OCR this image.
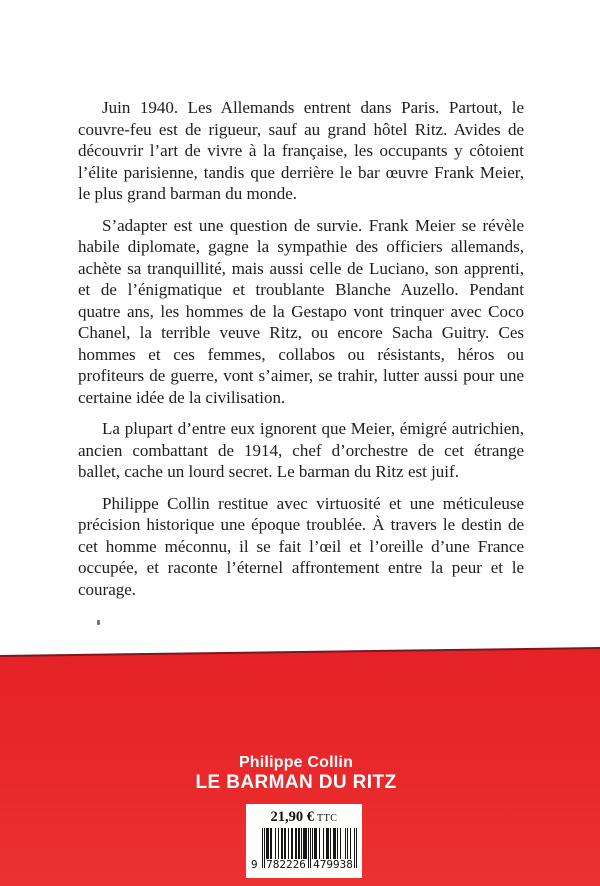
Juin 1940. Les Allemands entrent dans Paris. Partout, le couvre-feu est de rigueur, sauf au grand hôtel Ritz. Avides de découvrir l’art de vivre à la française, les occupants y côtoient l’élite parisienne, tandis que derrière le bar œuvre Frank Meier, le plus grand barman du monde.

S’adapter est une question de survie. Frank Meier se révèle habile diplomate, gagne la sympathie des officiers allemands, achète sa tranquillité, mais aussi celle de Luciano, son apprenti, et de l’énigmatique et troublante Blanche Auzello. Pendant quatre ans, les hommes de la Gestapo vont trinquer avec Coco Chanel, la terrible veuve Ritz, ou encore Sacha Guitry. Ces hommes et ces femmes, collabos ou résistants, héros ou profiteurs de guerre, vont s’aimer, se trahir, lutter aussi pour une certaine idée de la civilisation.

La plupart d’entre eux ignorent que Meier, émigré autrichien, ancien combattant de 1914, chef d’orchestre de cet étrange ballet, cache un lourd secret. Le barman du Ritz est juif.

Philippe Collin restitue avec virtuosité et une méticuleuse précision historique une époque troublée. À travers le destin de cet homme méconnu, il se fait l’œil et l’oreille d’une France occupée, et raconte l’éternel affrontement entre la peur et le courage.

Philippe Collin
LE BARMAN DU RITZ
21,90 € TTC
9 782226 479938
